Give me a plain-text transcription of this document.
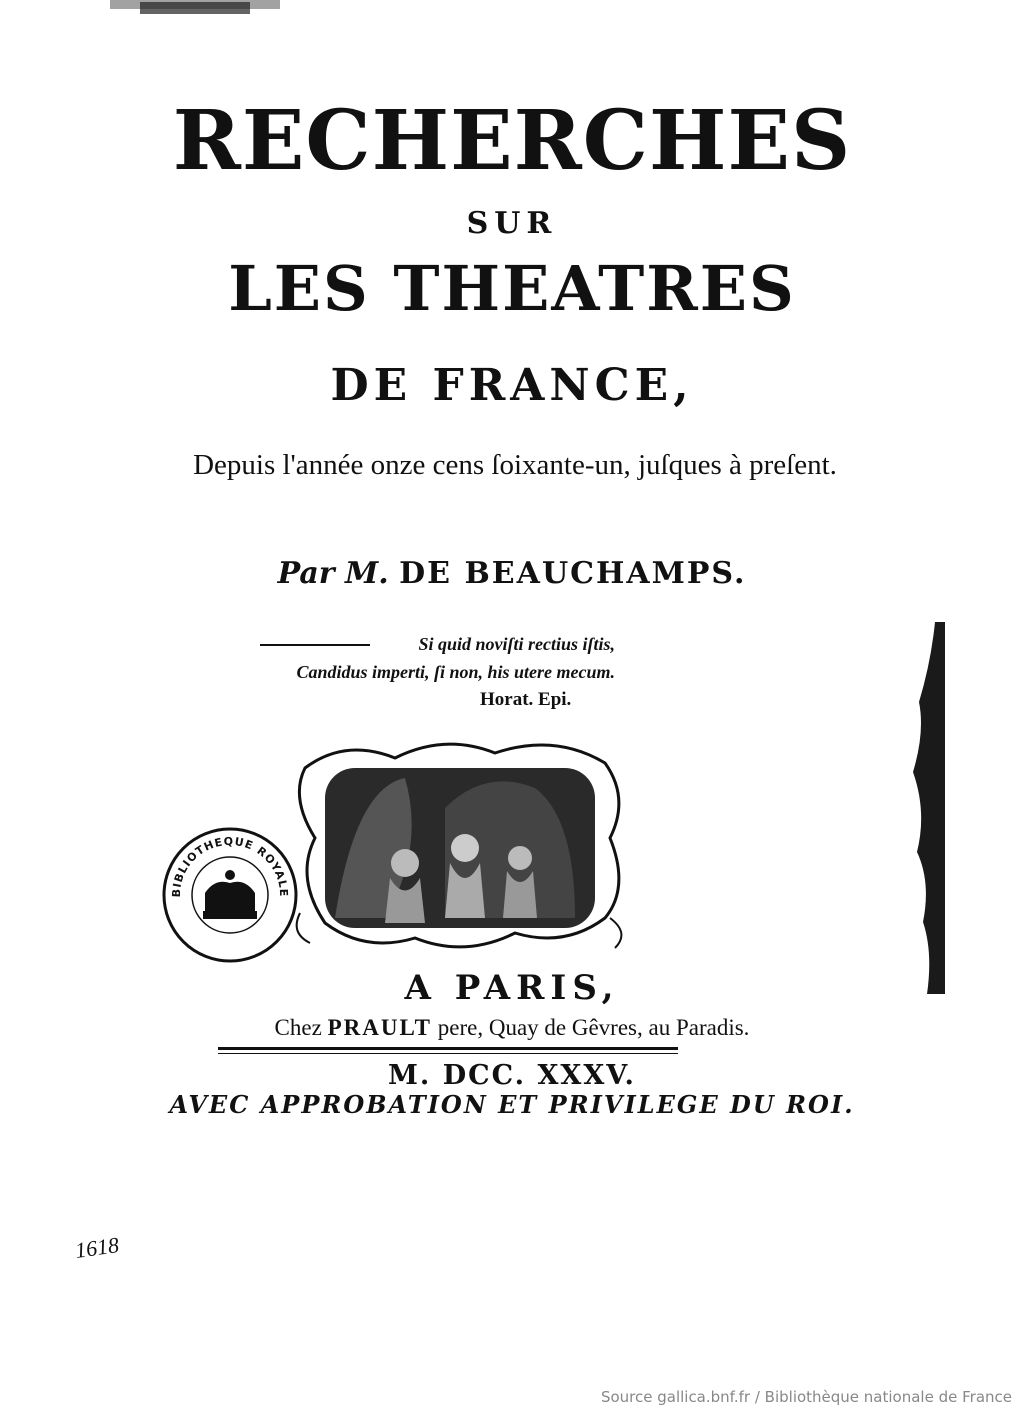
RECHERCHES
SUR
LES THEATRES
DE FRANCE,
Depuis l'année onze cens ſoixante-un, juſques à preſent.
Par M. DE BEAUCHAMPS.
Si quid noviſti rectius iſtis,
Candidus imperti, ſi non, his utere mecum.
Horat. Epi.
BIBLIOTHEQUE ROYALE
A PARIS,
Chez PRAULT pere, Quay de Gêvres, au Paradis.
M. DCC. XXXV.
AVEC APPROBATION ET PRIVILEGE DU ROI.
1618
Source gallica.bnf.fr / Bibliothèque nationale de France
